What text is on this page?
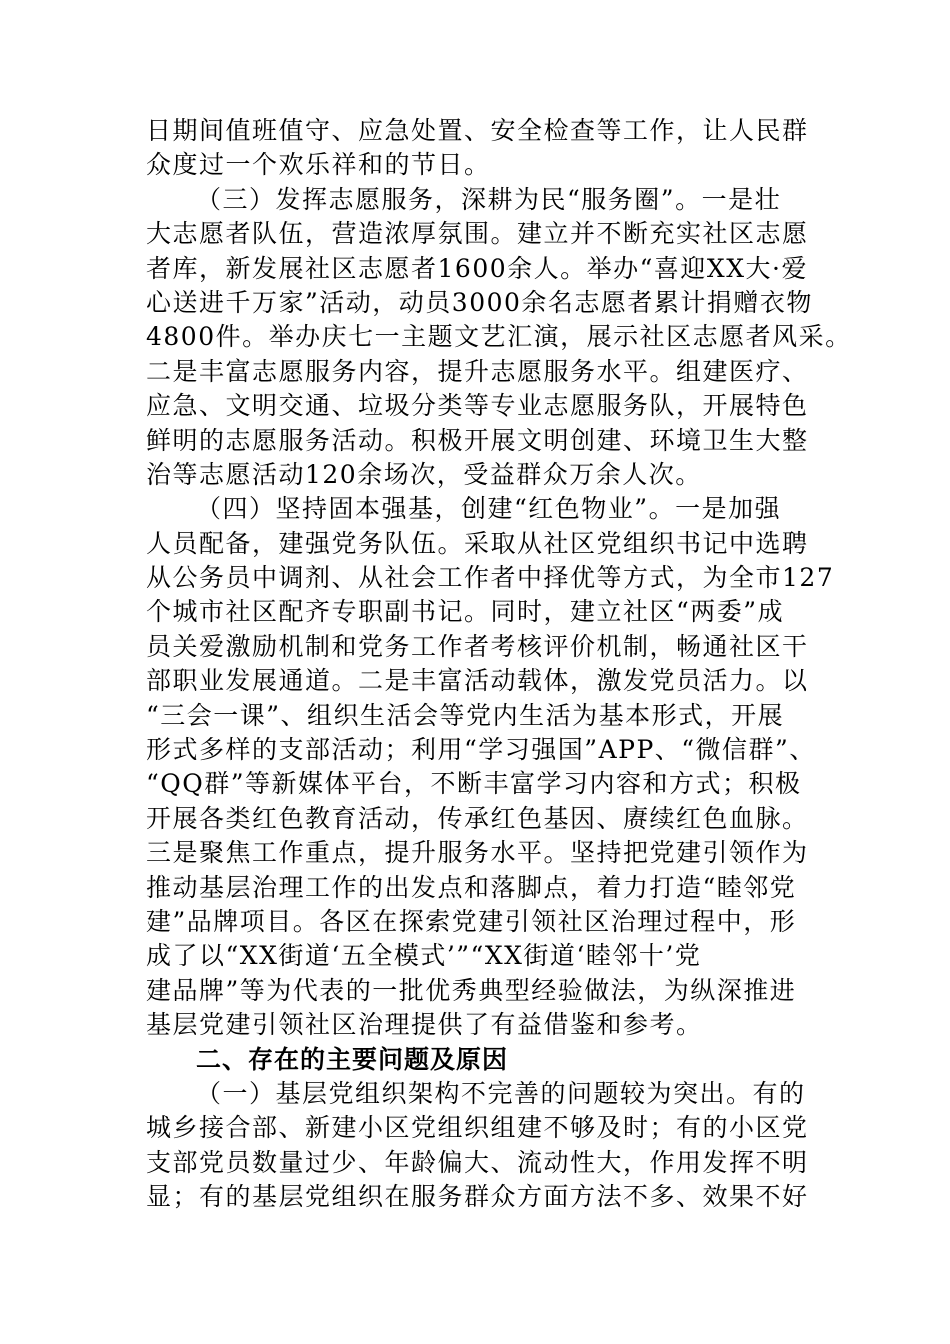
日期间值班值守、应急处置、安全检查等工作，让人民群
众度过一个欢乐祥和的节日。
（三）发挥志愿服务，深耕为民“服务圈”。一是壮
大志愿者队伍，营造浓厚氛围。建立并不断充实社区志愿
者库，新发展社区志愿者1600余人。举办“喜迎XX大·爱
心送进千万家”活动，动员3000余名志愿者累计捐赠衣物
4800件。举办庆七一主题文艺汇演，展示社区志愿者风采。
二是丰富志愿服务内容，提升志愿服务水平。组建医疗、
应急、文明交通、垃圾分类等专业志愿服务队，开展特色
鲜明的志愿服务活动。积极开展文明创建、环境卫生大整
治等志愿活动120余场次，受益群众万余人次。
（四）坚持固本强基，创建“红色物业”。一是加强
人员配备，建强党务队伍。采取从社区党组织书记中选聘
从公务员中调剂、从社会工作者中择优等方式，为全市127
个城市社区配齐专职副书记。同时，建立社区“两委”成
员关爱激励机制和党务工作者考核评价机制，畅通社区干
部职业发展通道。二是丰富活动载体，激发党员活力。以
“三会一课”、组织生活会等党内生活为基本形式，开展
形式多样的支部活动；利用“学习强国”APP、“微信群”、
“QQ群”等新媒体平台，不断丰富学习内容和方式；积极
开展各类红色教育活动，传承红色基因、赓续红色血脉。
三是聚焦工作重点，提升服务水平。坚持把党建引领作为
推动基层治理工作的出发点和落脚点，着力打造“睦邻党
建”品牌项目。各区在探索党建引领社区治理过程中，形
成了以“XX街道‘五全模式’”“XX街道‘睦邻十’党
建品牌”等为代表的一批优秀典型经验做法，为纵深推进
基层党建引领社区治理提供了有益借鉴和参考。
二、存在的主要问题及原因
（一）基层党组织架构不完善的问题较为突出。有的
城乡接合部、新建小区党组织组建不够及时；有的小区党
支部党员数量过少、年龄偏大、流动性大，作用发挥不明
显；有的基层党组织在服务群众方面方法不多、效果不好
